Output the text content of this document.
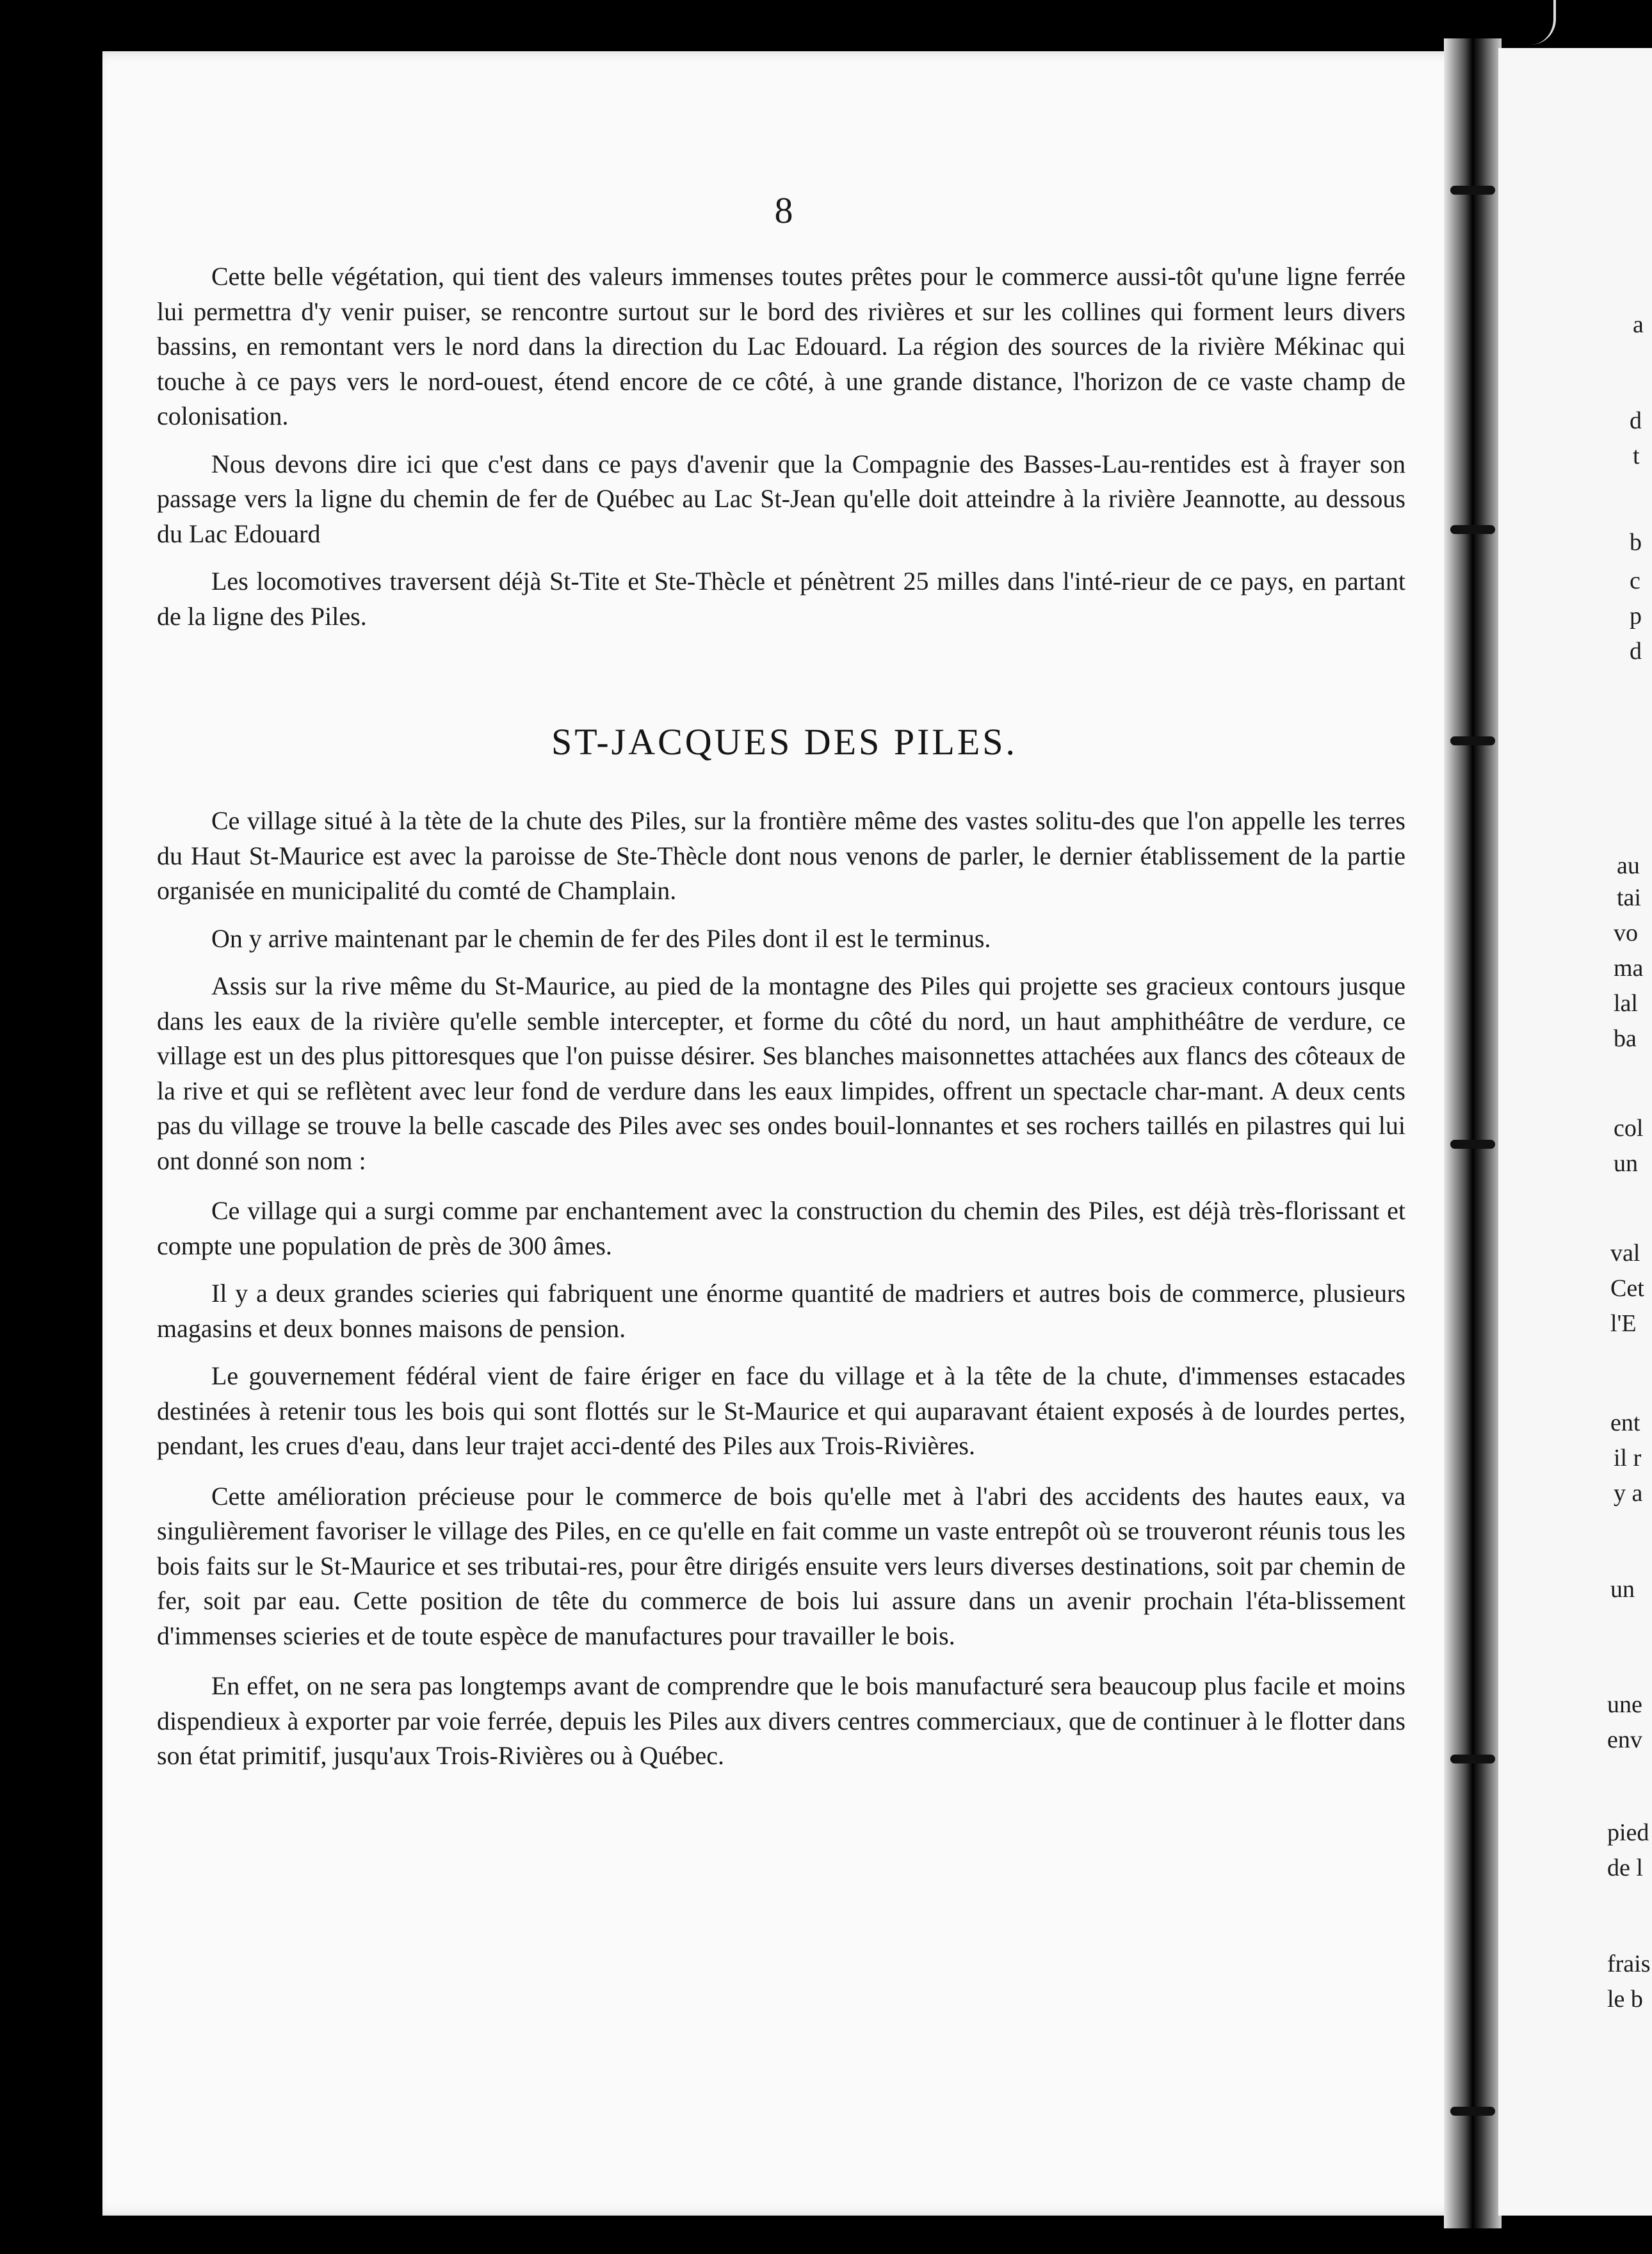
8

Cette belle végétation, qui tient des valeurs immenses toutes prêtes pour le commerce aussi-tôt qu'une ligne ferrée lui permettra d'y venir puiser, se rencontre surtout sur le bord des rivières et sur les collines qui forment leurs divers bassins, en remontant vers le nord dans la direction du Lac Edouard. La région des sources de la rivière Mékinac qui touche à ce pays vers le nord-ouest, étend encore de ce côté, à une grande distance, l'horizon de ce vaste champ de colonisation.

Nous devons dire ici que c'est dans ce pays d'avenir que la Compagnie des Basses-Lau-rentides est à frayer son passage vers la ligne du chemin de fer de Québec au Lac St-Jean qu'elle doit atteindre à la rivière Jeannotte, au dessous du Lac Edouard

Les locomotives traversent déjà St-Tite et Ste-Thècle et pénètrent 25 milles dans l'inté-rieur de ce pays, en partant de la ligne des Piles.

ST-JACQUES DES PILES.

Ce village situé à la tète de la chute des Piles, sur la frontière même des vastes solitu-des que l'on appelle les terres du Haut St-Maurice est avec la paroisse de Ste-Thècle dont nous venons de parler, le dernier établissement de la partie organisée en municipalité du comté de Champlain.

On y arrive maintenant par le chemin de fer des Piles dont il est le terminus.

Assis sur la rive même du St-Maurice, au pied de la montagne des Piles qui projette ses gracieux contours jusque dans les eaux de la rivière qu'elle semble intercepter, et forme du côté du nord, un haut amphithéâtre de verdure, ce village est un des plus pittoresques que l'on puisse désirer. Ses blanches maisonnettes attachées aux flancs des côteaux de la rive et qui se reflètent avec leur fond de verdure dans les eaux limpides, offrent un spectacle char-mant. A deux cents pas du village se trouve la belle cascade des Piles avec ses ondes bouil-lonnantes et ses rochers taillés en pilastres qui lui ont donné son nom :

Ce village qui a surgi comme par enchantement avec la construction du chemin des Piles, est déjà très-florissant et compte une population de près de 300 âmes.

Il y a deux grandes scieries qui fabriquent une énorme quantité de madriers et autres bois de commerce, plusieurs magasins et deux bonnes maisons de pension.

Le gouvernement fédéral vient de faire ériger en face du village et à la tête de la chute, d'immenses estacades destinées à retenir tous les bois qui sont flottés sur le St-Maurice et qui auparavant étaient exposés à de lourdes pertes, pendant, les crues d'eau, dans leur trajet acci-denté des Piles aux Trois-Rivières.

Cette amélioration précieuse pour le commerce de bois qu'elle met à l'abri des accidents des hautes eaux, va singulièrement favoriser le village des Piles, en ce qu'elle en fait comme un vaste entrepôt où se trouveront réunis tous les bois faits sur le St-Maurice et ses tributai-res, pour être dirigés ensuite vers leurs diverses destinations, soit par chemin de fer, soit par eau. Cette position de tête du commerce de bois lui assure dans un avenir prochain l'éta-blissement d'immenses scieries et de toute espèce de manufactures pour travailler le bois.

En effet, on ne sera pas longtemps avant de comprendre que le bois manufacturé sera beaucoup plus facile et moins dispendieux à exporter par voie ferrée, depuis les Piles aux divers centres commerciaux, que de continuer à le flotter dans son état primitif, jusqu'aux Trois-Rivières ou à Québec.

a
d
t
b
c
p
d
au
tai
vo
ma
lal
ba
col
un
val
Cet
l'E
ent
il r
y a
un
une
env
pied
de l
frais
le b
